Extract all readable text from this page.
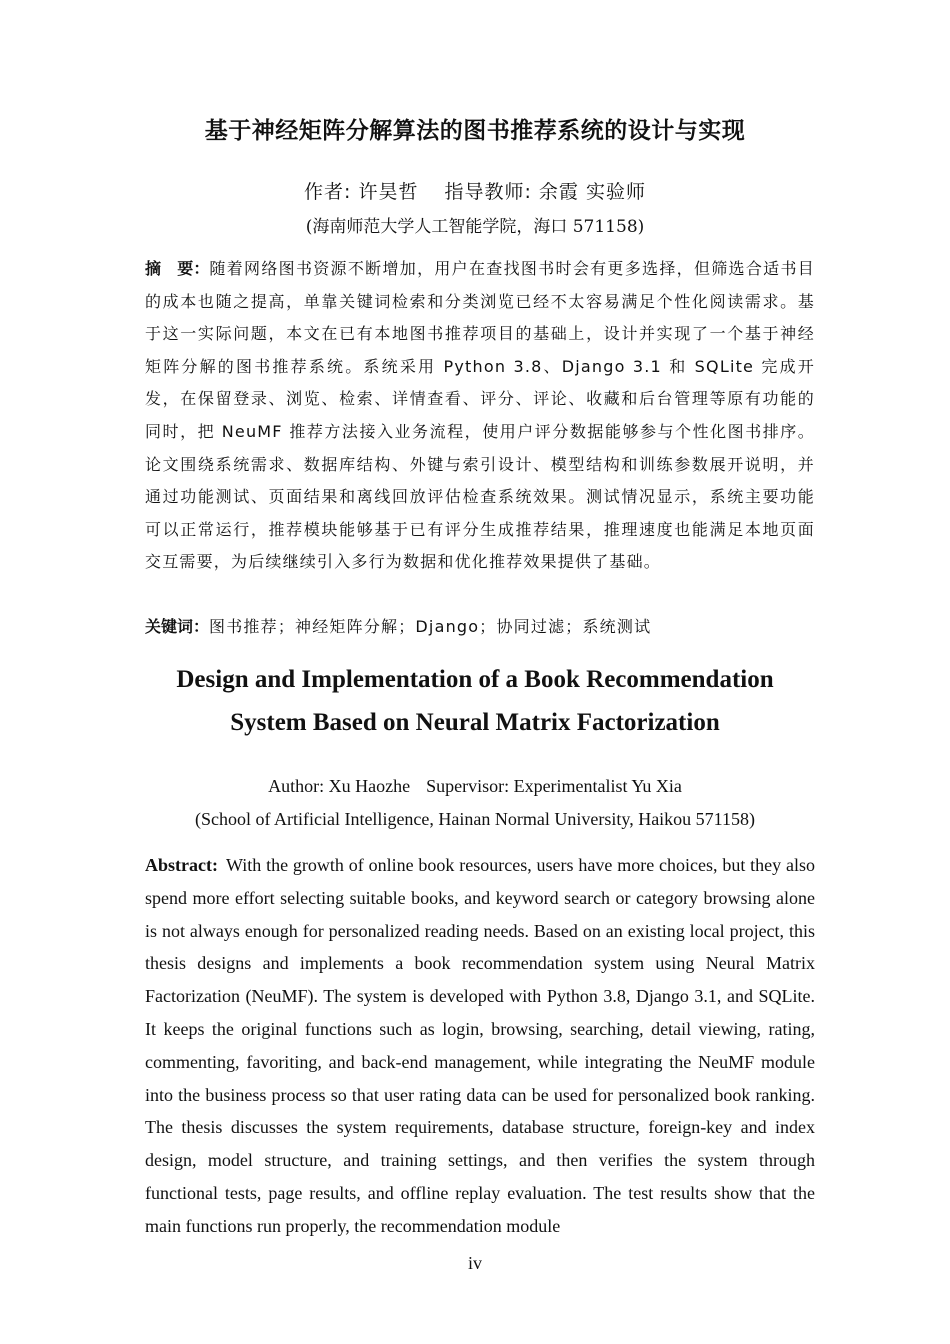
基于神经矩阵分解算法的图书推荐系统的设计与实现
作者: 许昊哲 指导教师: 余霞 实验师
(海南师范大学人工智能学院，海口 571158)

摘　要：随着网络图书资源不断增加，用户在查找图书时会有更多选择，但筛选合适书目的成本也随之提高，单靠关键词检索和分类浏览已经不太容易满足个性化阅读需求。基于这一实际问题，本文在已有本地图书推荐项目的基础上，设计并实现了一个基于神经矩阵分解的图书推荐系统。系统采用 Python 3.8、Django 3.1 和 SQLite 完成开发，在保留登录、浏览、检索、详情查看、评分、评论、收藏和后台管理等原有功能的同时，把 NeuMF 推荐方法接入业务流程，使用户评分数据能够参与个性化图书排序。论文围绕系统需求、数据库结构、外键与索引设计、模型结构和训练参数展开说明，并通过功能测试、页面结果和离线回放评估检查系统效果。测试情况显示，系统主要功能可以正常运行，推荐模块能够基于已有评分生成推荐结果，推理速度也能满足本地页面交互需要，为后续继续引入多行为数据和优化推荐效果提供了基础。

关键词：图书推荐；神经矩阵分解；Django；协同过滤；系统测试
Design and Implementation of a Book Recommendation
System Based on Neural Matrix Factorization
Author: Xu Haozhe Supervisor: Experimentalist Yu Xia
(School of Artificial Intelligence, Hainan Normal University, Haikou 571158)

Abstract: With the growth of online book resources, users have more choices, but they also spend more effort selecting suitable books, and keyword search or category browsing alone is not always enough for personalized reading needs. Based on an existing local project, this thesis designs and implements a book recommendation system using Neural Matrix Factorization (NeuMF). The system is developed with Python 3.8, Django 3.1, and SQLite. It keeps the original functions such as login, browsing, searching, detail viewing, rating, commenting, favoriting, and back-end management, while integrating the NeuMF module into the business process so that user rating data can be used for personalized book ranking. The thesis discusses the system requirements, database structure, foreign-key and index design, model structure, and training settings, and then verifies the system through functional tests, page results, and offline replay evaluation. The test results show that the main functions run properly, the recommendation module

iv
